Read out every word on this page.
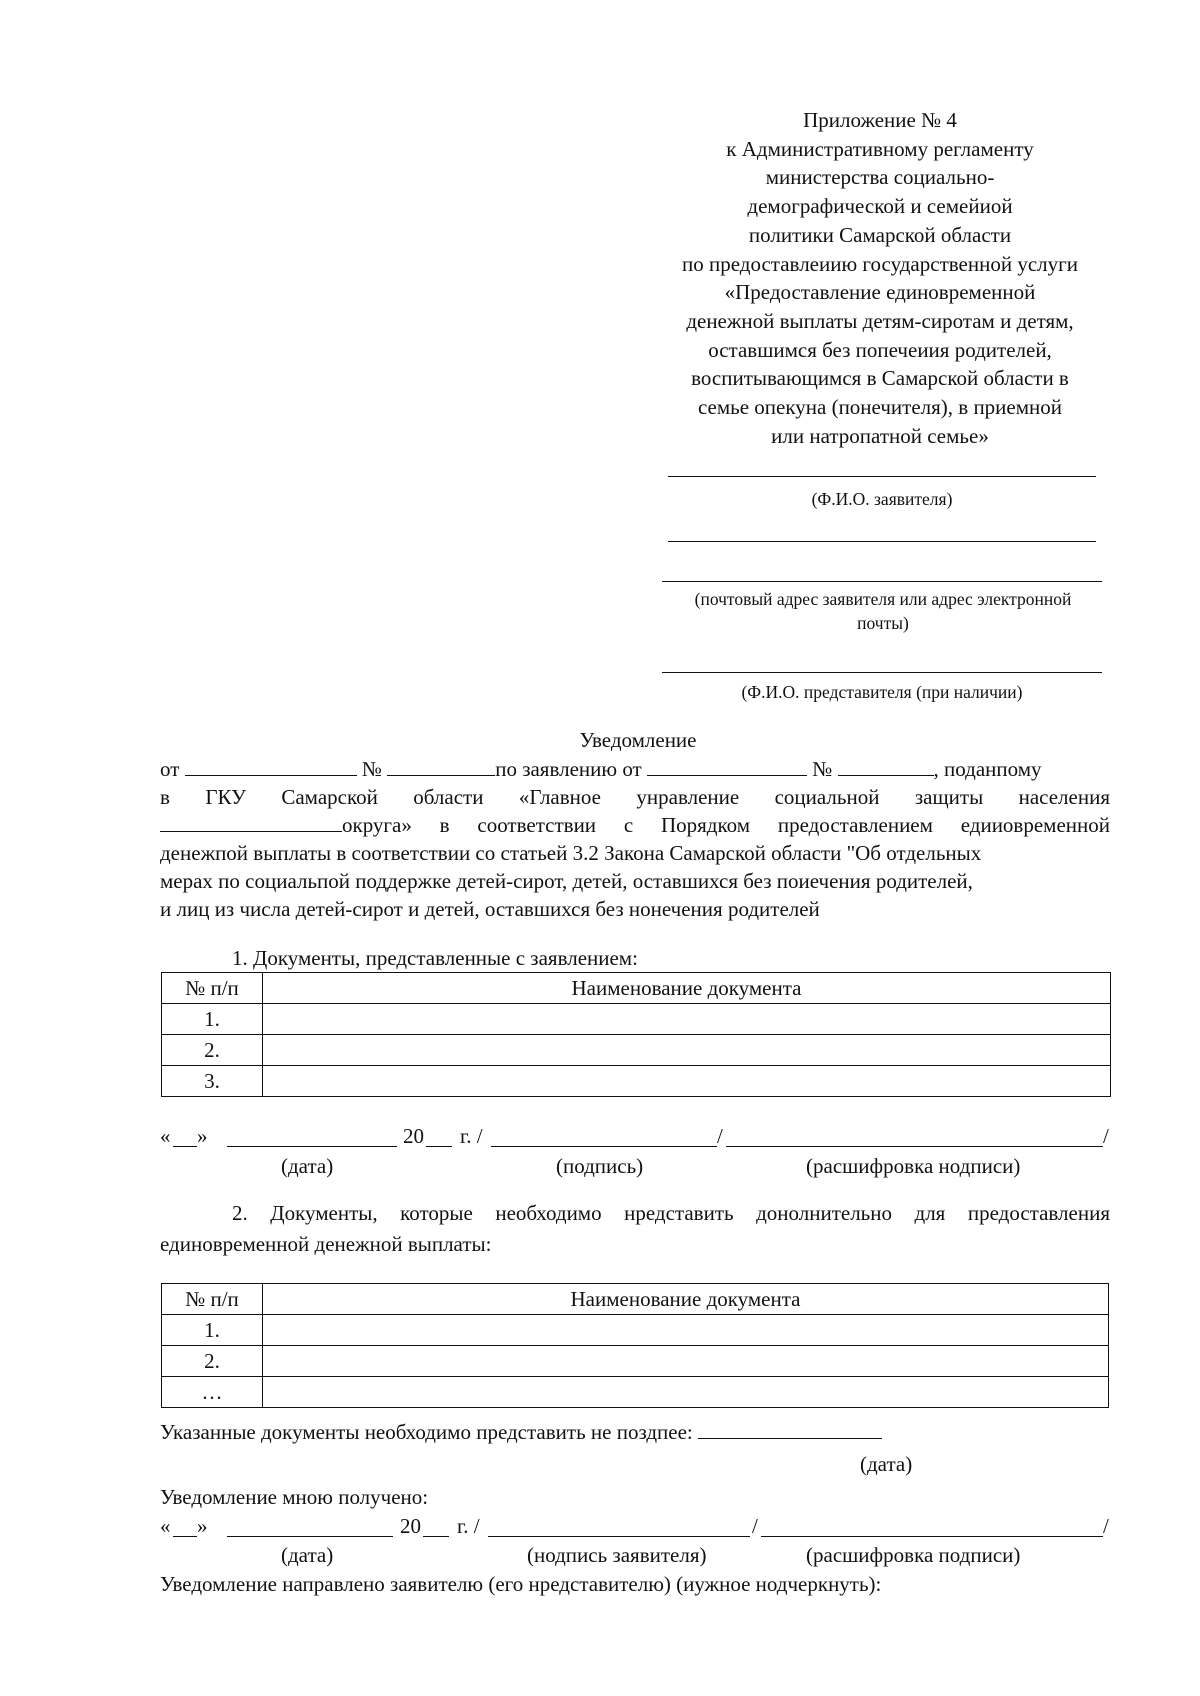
Приложение № 4
к Административному регламенту
министерства социально-
демографической и семейиой
политики Самарской области
по предоставлеиию государственной услуги
«Предоставление единовременной
денежной выплаты детям-сиротам и детям,
оставшимся без попечеиия родителей,
воспитывающимся в Самарской области в
семье опекуна (понечителя), в приемной
или натропатной семье»
(Ф.И.О. заявителя)
(почтовый адрес заявителя или адрес электронной
почты)
(Ф.И.О. представителя (при наличии)
Уведомление
от	№	по заявлению от	№	, поданпому
в ГКУ Самарской области «Главное унравление социальной защиты населения
округа» в соответствии с Порядком предоставлением едииовременной
денежпой выплаты в соответствии со статьей 3.2 Закона Самарской области "Об отдельных
мерах по социальпой поддержке детей-сирот, детей, оставшихся без поиечения родителей,
и лиц из числа детей-сирот и детей, оставшихся без нонечения родителей
1. Документы, представленные с заявлением:
№ п/п	Наименование документа
1.	
2.	
3.	
« »	20 г. /	/	/
(дата)	(подпись)	(расшифровка нодписи)
2. Документы, которые необходимо нредставить донолнительно для предоставления
единовременной денежной выплаты:
№ п/п	Наименование документа
1.	
2.	
…	
Указанные документы необходимо представить не поздпее:
(дата)
Уведомление мною получено:
« »	20 г. /	/	/
(дата)	(нодпись заявителя)	(расшифровка подписи)
Уведомление направлено заявителю (его нредставителю) (иужное нодчеркнуть):
